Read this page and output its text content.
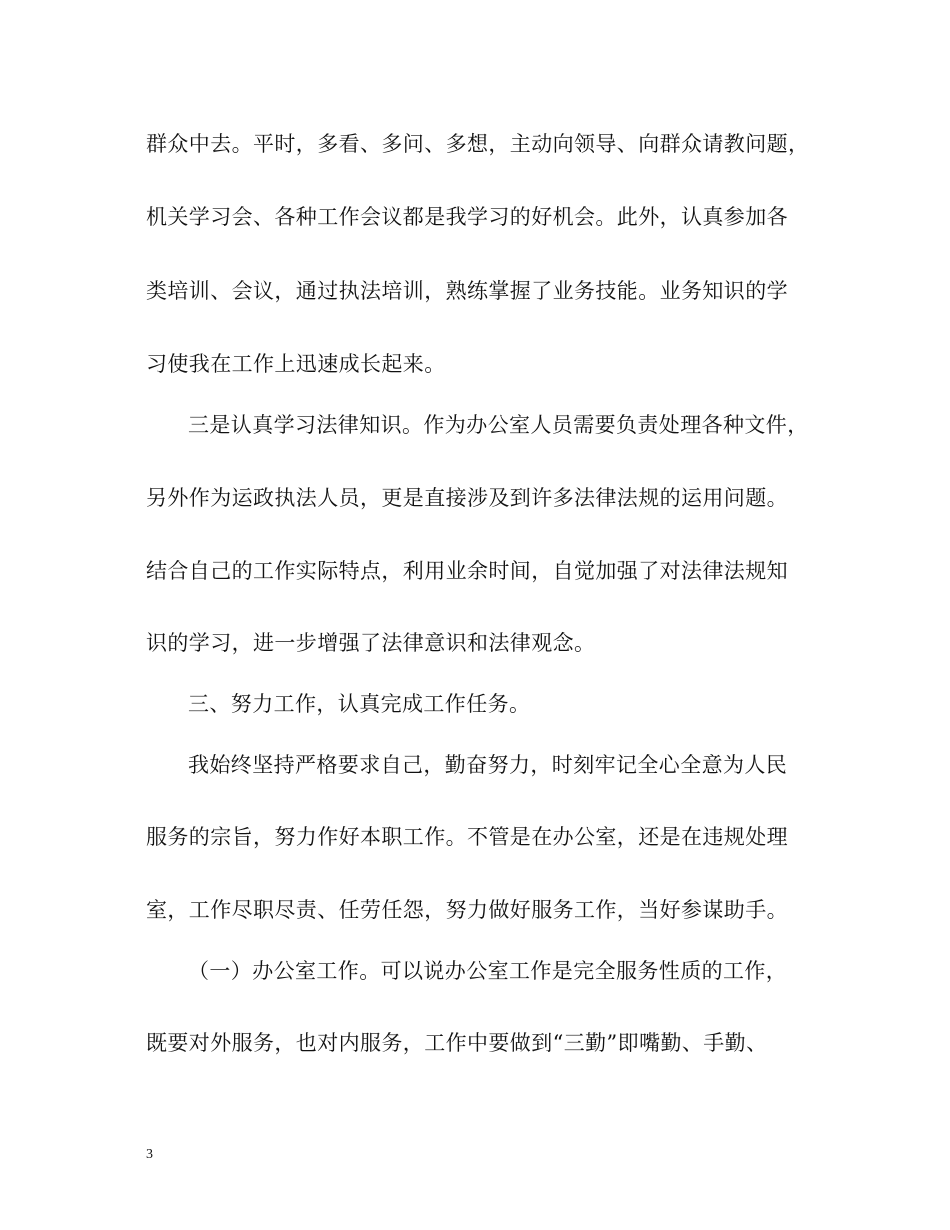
群众中去。平时，多看、多问、多想，主动向领导、向群众请教问题，
机关学习会、各种工作会议都是我学习的好机会。此外，认真参加各
类培训、会议，通过执法培训，熟练掌握了业务技能。业务知识的学
习使我在工作上迅速成长起来。
三是认真学习法律知识。作为办公室人员需要负责处理各种文件，
另外作为运政执法人员，更是直接涉及到许多法律法规的运用问题。
结合自己的工作实际特点，利用业余时间，自觉加强了对法律法规知
识的学习，进一步增强了法律意识和法律观念。
三、努力工作，认真完成工作任务。
我始终坚持严格要求自己，勤奋努力，时刻牢记全心全意为人民
服务的宗旨，努力作好本职工作。不管是在办公室，还是在违规处理
室，工作尽职尽责、任劳任怨，努力做好服务工作，当好参谋助手。
（一）办公室工作。可以说办公室工作是完全服务性质的工作，
既要对外服务，也对内服务，工作中要做到“三勤”即嘴勤、手勤、
3
